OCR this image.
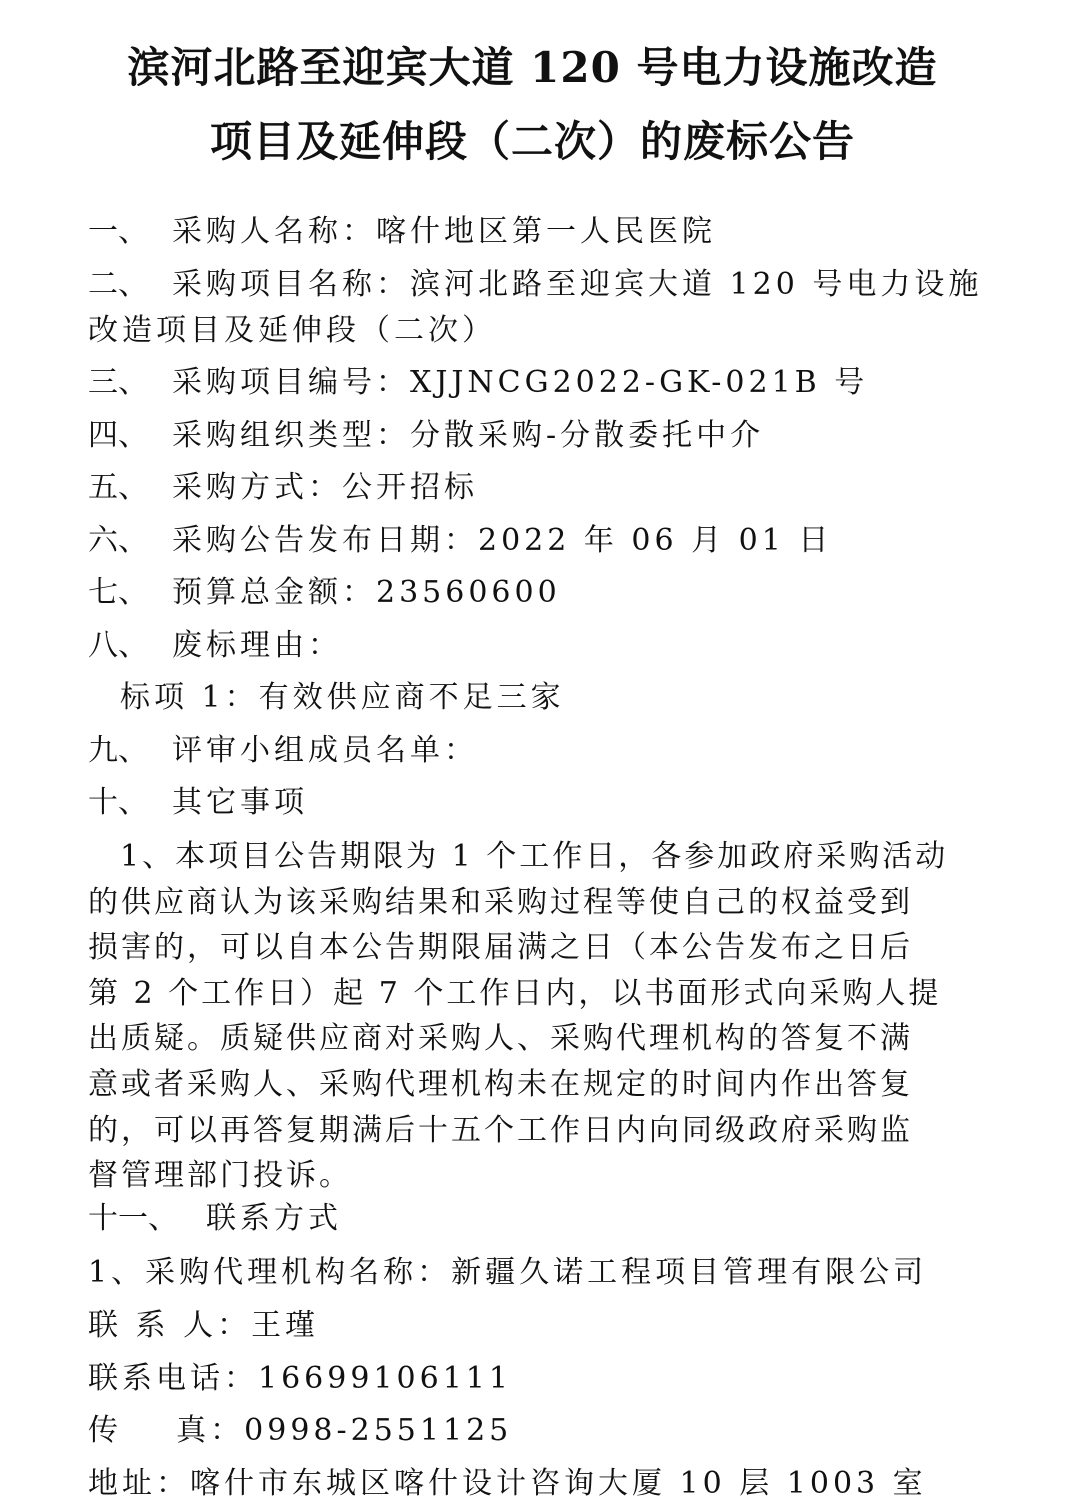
滨河北路至迎宾大道 120 号电力设施改造
项目及延伸段（二次）的废标公告
一、 采购人名称：喀什地区第一人民医院
二、 采购项目名称：滨河北路至迎宾大道 120 号电力设施
改造项目及延伸段（二次）
三、 采购项目编号：XJJNCG2022-GK-021B 号
四、 采购组织类型：分散采购-分散委托中介
五、 采购方式：公开招标
六、 采购公告发布日期：2022 年 06 月 01 日
七、 预算总金额：23560600
八、 废标理由：
标项 1：有效供应商不足三家
九、 评审小组成员名单：
十、 其它事项
1、本项目公告期限为 1 个工作日，各参加政府采购活动
的供应商认为该采购结果和采购过程等使自己的权益受到
损害的，可以自本公告期限届满之日（本公告发布之日后
第 2 个工作日）起 7 个工作日内，以书面形式向采购人提
出质疑。质疑供应商对采购人、采购代理机构的答复不满
意或者采购人、采购代理机构未在规定的时间内作出答复
的，可以再答复期满后十五个工作日内向同级政府采购监
督管理部门投诉。
十一、 联系方式
1、采购代理机构名称：新疆久诺工程项目管理有限公司
联 系 人：王瑾
联系电话：16699106111
传    真：0998-2551125
地址：喀什市东城区喀什设计咨询大厦 10 层 1003 室
